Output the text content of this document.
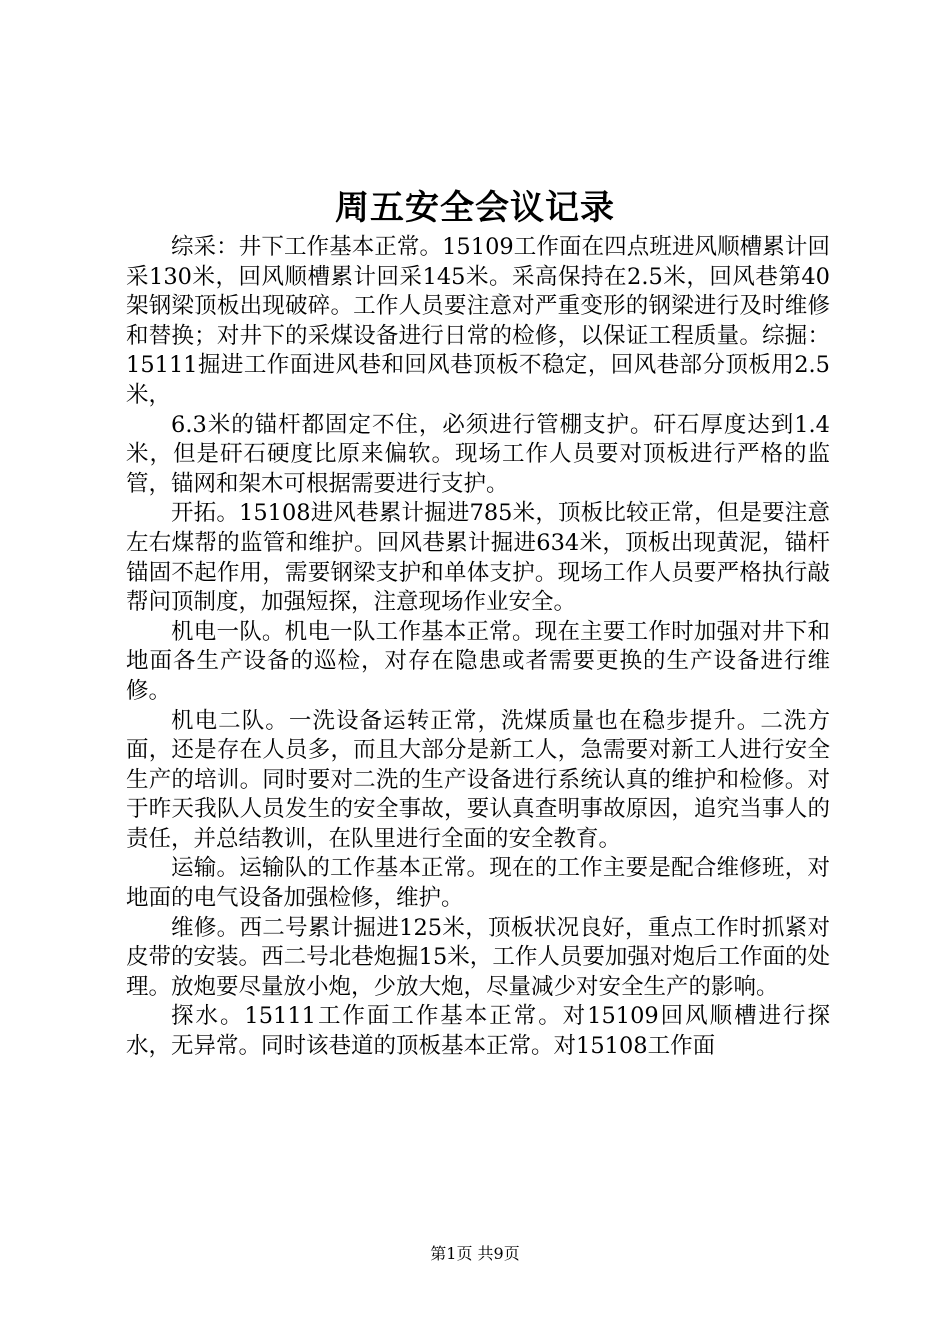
周五安全会议记录

综采：井下工作基本正常。15109工作面在四点班进风顺槽累计回采130米，回风顺槽累计回采145米。采高保持在2.5米，回风巷第40架钢梁顶板出现破碎。工作人员要注意对严重变形的钢梁进行及时维修和替换；对井下的采煤设备进行日常的检修，以保证工程质量。综掘：15111掘进工作面进风巷和回风巷顶板不稳定，回风巷部分顶板用2.5米，

6.3米的锚杆都固定不住，必须进行管棚支护。矸石厚度达到1.4米，但是矸石硬度比原来偏软。现场工作人员要对顶板进行严格的监管，锚网和架木可根据需要进行支护。

开拓。15108进风巷累计掘进785米，顶板比较正常，但是要注意左右煤帮的监管和维护。回风巷累计掘进634米，顶板出现黄泥，锚杆锚固不起作用，需要钢梁支护和单体支护。现场工作人员要严格执行敲帮问顶制度，加强短探，注意现场作业安全。

机电一队。机电一队工作基本正常。现在主要工作时加强对井下和地面各生产设备的巡检，对存在隐患或者需要更换的生产设备进行维修。

机电二队。一洗设备运转正常，洗煤质量也在稳步提升。二洗方面，还是存在人员多，而且大部分是新工人，急需要对新工人进行安全生产的培训。同时要对二洗的生产设备进行系统认真的维护和检修。对于昨天我队人员发生的安全事故，要认真查明事故原因，追究当事人的责任，并总结教训，在队里进行全面的安全教育。

运输。运输队的工作基本正常。现在的工作主要是配合维修班，对地面的电气设备加强检修，维护。

维修。西二号累计掘进125米，顶板状况良好，重点工作时抓紧对皮带的安装。西二号北巷炮掘15米，工作人员要加强对炮后工作面的处理。放炮要尽量放小炮，少放大炮，尽量减少对安全生产的影响。

探水。15111工作面工作基本正常。对15109回风顺槽进行探水，无异常。同时该巷道的顶板基本正常。对15108工作面

第1页 共9页
